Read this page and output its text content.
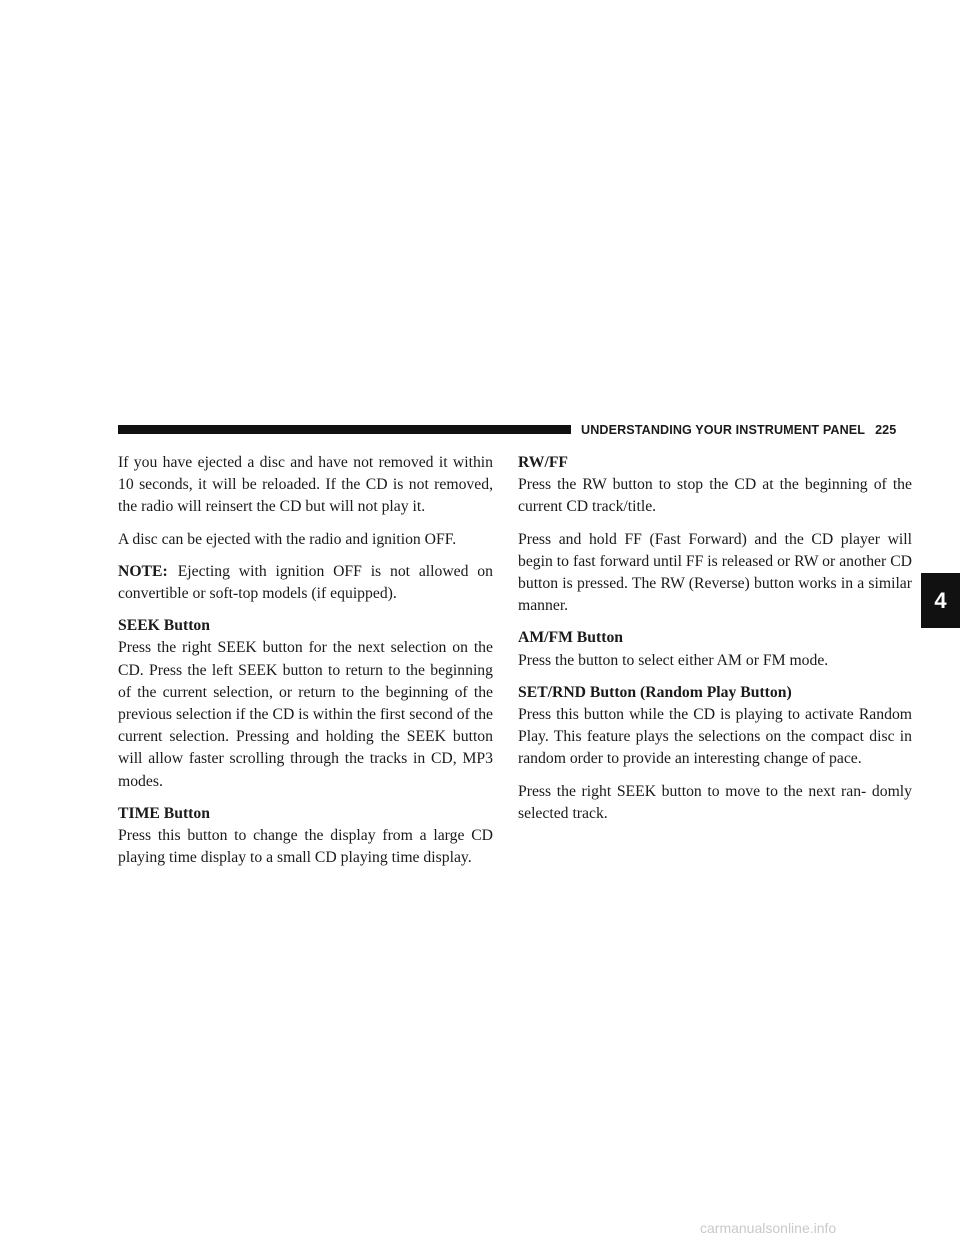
UNDERSTANDING YOUR INSTRUMENT PANEL 225
4

If you have ejected a disc and have not removed it within 10 seconds, it will be reloaded. If the CD is not removed, the radio will reinsert the CD but will not play it.

A disc can be ejected with the radio and ignition OFF.

NOTE: Ejecting with ignition OFF is not allowed on convertible or soft-top models (if equipped).

SEEK Button
Press the right SEEK button for the next selection on the CD. Press the left SEEK button to return to the beginning of the current selection, or return to the beginning of the previous selection if the CD is within the first second of the current selection. Pressing and holding the SEEK button will allow faster scrolling through the tracks in CD, MP3 modes.

TIME Button
Press this button to change the display from a large CD playing time display to a small CD playing time display.

RW/FF
Press the RW button to stop the CD at the beginning of the current CD track/title.

Press and hold FF (Fast Forward) and the CD player will begin to fast forward until FF is released or RW or another CD button is pressed. The RW (Reverse) button works in a similar manner.

AM/FM Button
Press the button to select either AM or FM mode.

SET/RND Button (Random Play Button)
Press this button while the CD is playing to activate Random Play. This feature plays the selections on the compact disc in random order to provide an interesting change of pace.

Press the right SEEK button to move to the next ran- domly selected track.

carmanualsonline.info
